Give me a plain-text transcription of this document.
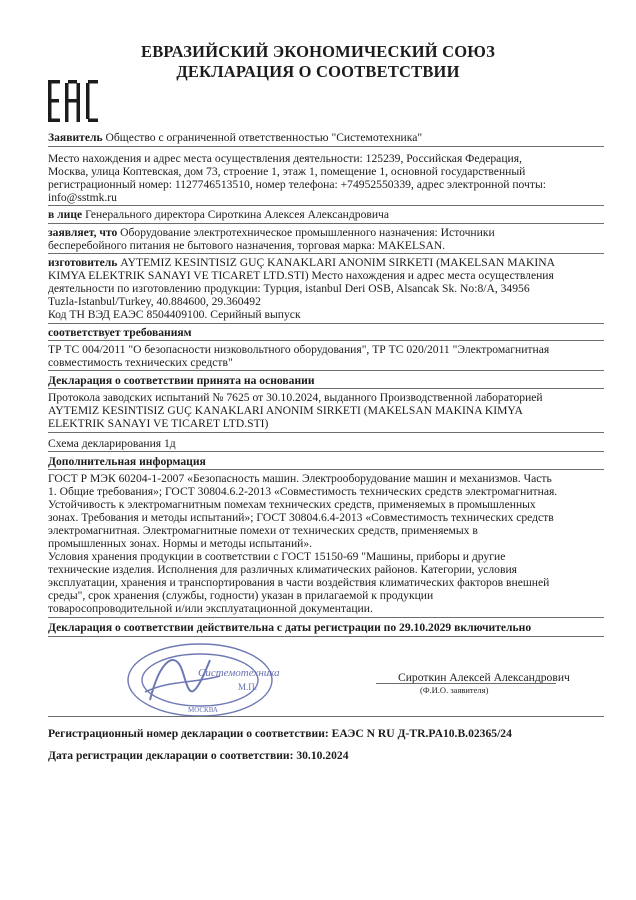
ЕВРАЗИЙСКИЙ ЭКОНОМИЧЕСКИЙ СОЮЗ
ДЕКЛАРАЦИЯ О СООТВЕТСТВИИ
Заявитель Общество с ограниченной ответственностью "Системотехника"
Место нахождения и адрес места осуществления деятельности: 125239, Российская Федерация,
Москва, улица Коптевская, дом 73, строение 1, этаж 1, помещение 1, основной государственный
регистрационный номер: 1127746513510, номер телефона: +74952550339, адрес электронной почты:
info@sstmk.ru
в лице Генерального директора Сироткина Алексея Александровича
заявляет, что Оборудование электротехническое промышленного назначения: Источники
бесперебойного питания не бытового назначения, торговая марка: MAKELSAN.
изготовитель AYTEMIZ KESINTISIZ GUÇ KANAKLARI ANONIM SIRKETI (MAKELSAN MAKINA
KIMYA ELEKTRIK SANAYI VE TICARET LTD.STI) Место нахождения и адрес места осуществления
деятельности по изготовлению продукции: Турция, istanbul Deri OSB, Alsancak Sk. No:8/A, 34956
Tuzla-Istanbul/Turkey, 40.884600, 29.360492
Код ТН ВЭД ЕАЭС 8504409100. Серийный выпуск
соответствует требованиям
ТР ТС 004/2011 "О безопасности низковольтного оборудования", ТР ТС 020/2011 "Электромагнитная
совместимость технических средств"
Декларация о соответствии принята на основании
Протокола заводских испытаний № 7625 от 30.10.2024, выданного Производственной лабораторией
AYTEMIZ KESINTISIZ GUÇ KANAKLARI ANONIM SIRKETI (MAKELSAN MAKINA KIMYA
ELEKTRIK SANAYI VE TICARET LTD.STI)
Схема декларирования 1д
Дополнительная информация
ГОСТ Р МЭК 60204-1-2007 «Безопасность машин. Электрооборудование машин и механизмов. Часть
1. Общие требования»; ГОСТ 30804.6.2-2013 «Совместимость технических средств электромагнитная.
Устойчивость к электромагнитным помехам технических средств, применяемых в промышленных
зонах. Требования и методы испытаний»; ГОСТ 30804.6.4-2013 «Совместимость технических средств
электромагнитная. Электромагнитные помехи от технических средств, применяемых в
промышленных зонах. Нормы и методы испытаний».
Условия хранения продукции в соответствии с ГОСТ 15150-69 "Машины, приборы и другие
технические изделия. Исполнения для различных климатических районов. Категории, условия
эксплуатации, хранения и транспортирования в части воздействия климатических факторов внешней
среды", срок хранения (службы, годности) указан в прилагаемой к продукции
товаросопроводительной и/или эксплуатационной документации.
Декларация о соответствии действительна с даты регистрации по 29.10.2029 включительно
Системотехника
М.П.
МОСКВА
Сироткин Алексей Александрович
(Ф.И.О. заявителя)
Регистрационный номер декларации о соответствии: ЕАЭС N RU Д-TR.PA10.B.02365/24
Дата регистрации декларации о соответствии: 30.10.2024
